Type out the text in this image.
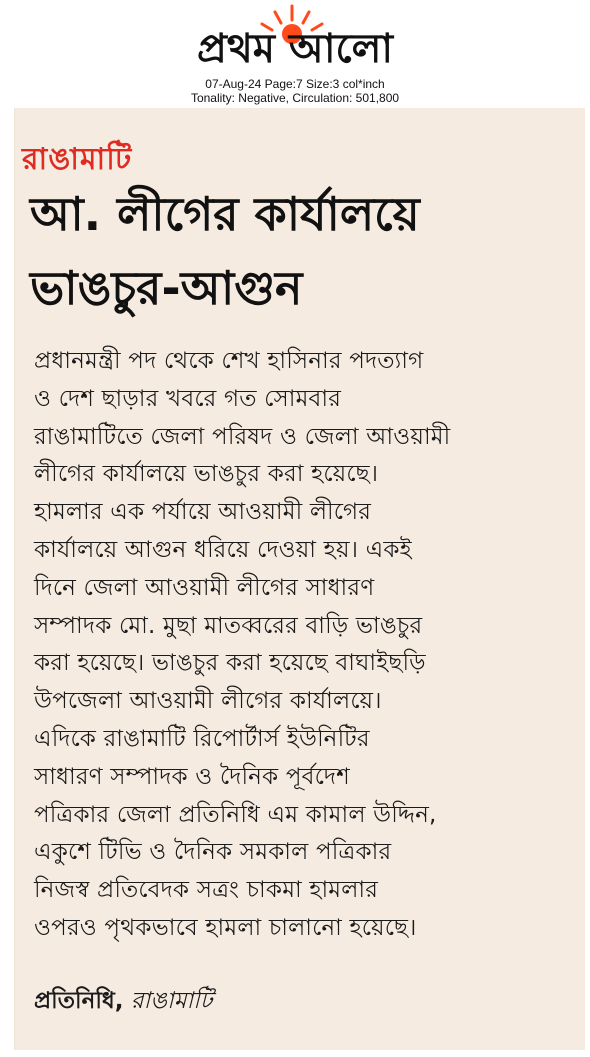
প্রথম আলো
07-Aug-24 Page:7 Size:3 col*inch
Tonality: Negative, Circulation: 501,800
রাঙামাটি
আ. লীগের কার্যালয়ে
ভাঙচুর-আগুন
প্রধানমন্ত্রী পদ থেকে শেখ হাসিনার পদত্যাগ
ও দেশ ছাড়ার খবরে গত সোমবার
রাঙামাটিতে জেলা পরিষদ ও জেলা আওয়ামী
লীগের কার্যালয়ে ভাঙচুর করা হয়েছে।
হামলার এক পর্যায়ে আওয়ামী লীগের
কার্যালয়ে আগুন ধরিয়ে দেওয়া হয়। একই
দিনে জেলা আওয়ামী লীগের সাধারণ
সম্পাদক মো. মুছা মাতব্বরের বাড়ি ভাঙচুর
করা হয়েছে। ভাঙচুর করা হয়েছে বাঘাইছড়ি
উপজেলা আওয়ামী লীগের কার্যালয়ে।
এদিকে রাঙামাটি রিপোর্টার্স ইউনিটির
সাধারণ সম্পাদক ও দৈনিক পূর্বদেশ
পত্রিকার জেলা প্রতিনিধি এম কামাল উদ্দিন,
একুশে টিভি ও দৈনিক সমকাল পত্রিকার
নিজস্ব প্রতিবেদক সত্রং চাকমা হামলার
ওপরও পৃথকভাবে হামলা চালানো হয়েছে।
প্রতিনিধি, রাঙামাটি
